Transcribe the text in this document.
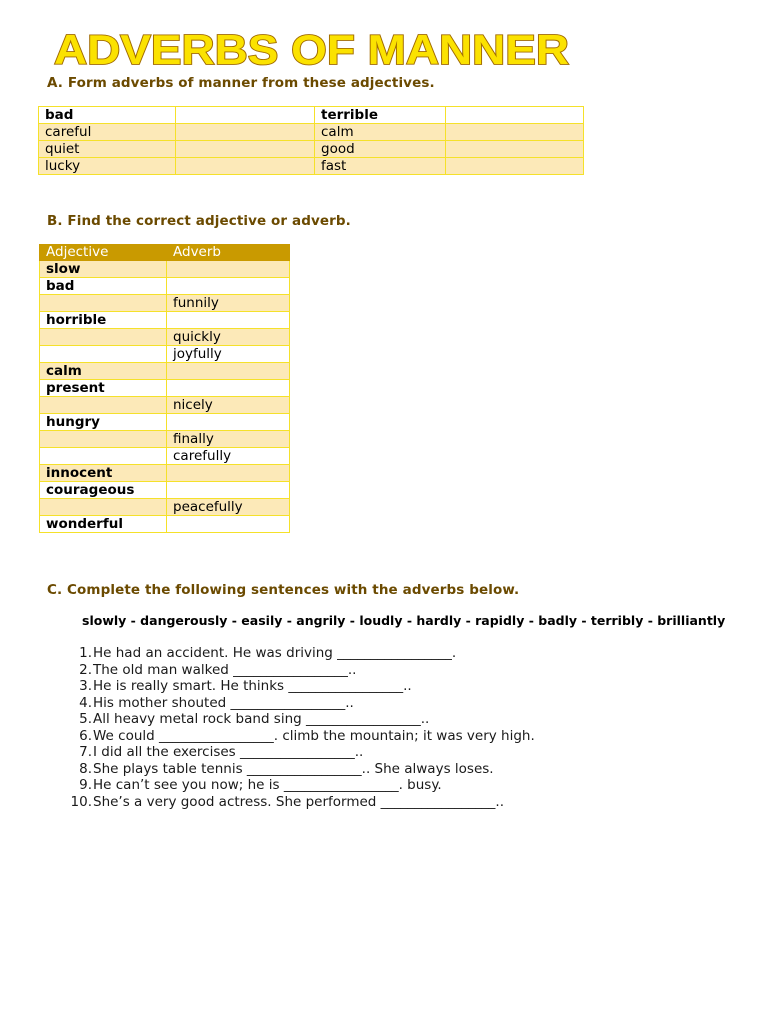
ADVERBS OF MANNER
A. Form adverbs of manner from these adjectives.
bad		terrible	
careful		calm	
quiet		good	
lucky		fast	
B. Find the correct adjective or adverb.
Adjective	Adverb
slow	
bad	
	funnily
horrible	
	quickly
	joyfully
calm	
present	
	nicely
hungry	
	finally
	carefully
innocent	
courageous	
	peacefully
wonderful	
C. Complete the following sentences with the adverbs below.
slowly - dangerously - easily - angrily - loudly - hardly - rapidly - badly - terribly - brilliantly
1. He had an accident. He was driving _________________.
2. The old man walked _________________..
3. He is really smart. He thinks _________________..
4. His mother shouted _________________..
5. All heavy metal rock band sing _________________..
6. We could _________________. climb the mountain; it was very high.
7. I did all the exercises _________________..
8. She plays table tennis _________________.. She always loses.
9. He can’t see you now; he is _________________. busy.
10. She’s a very good actress. She performed _________________..
